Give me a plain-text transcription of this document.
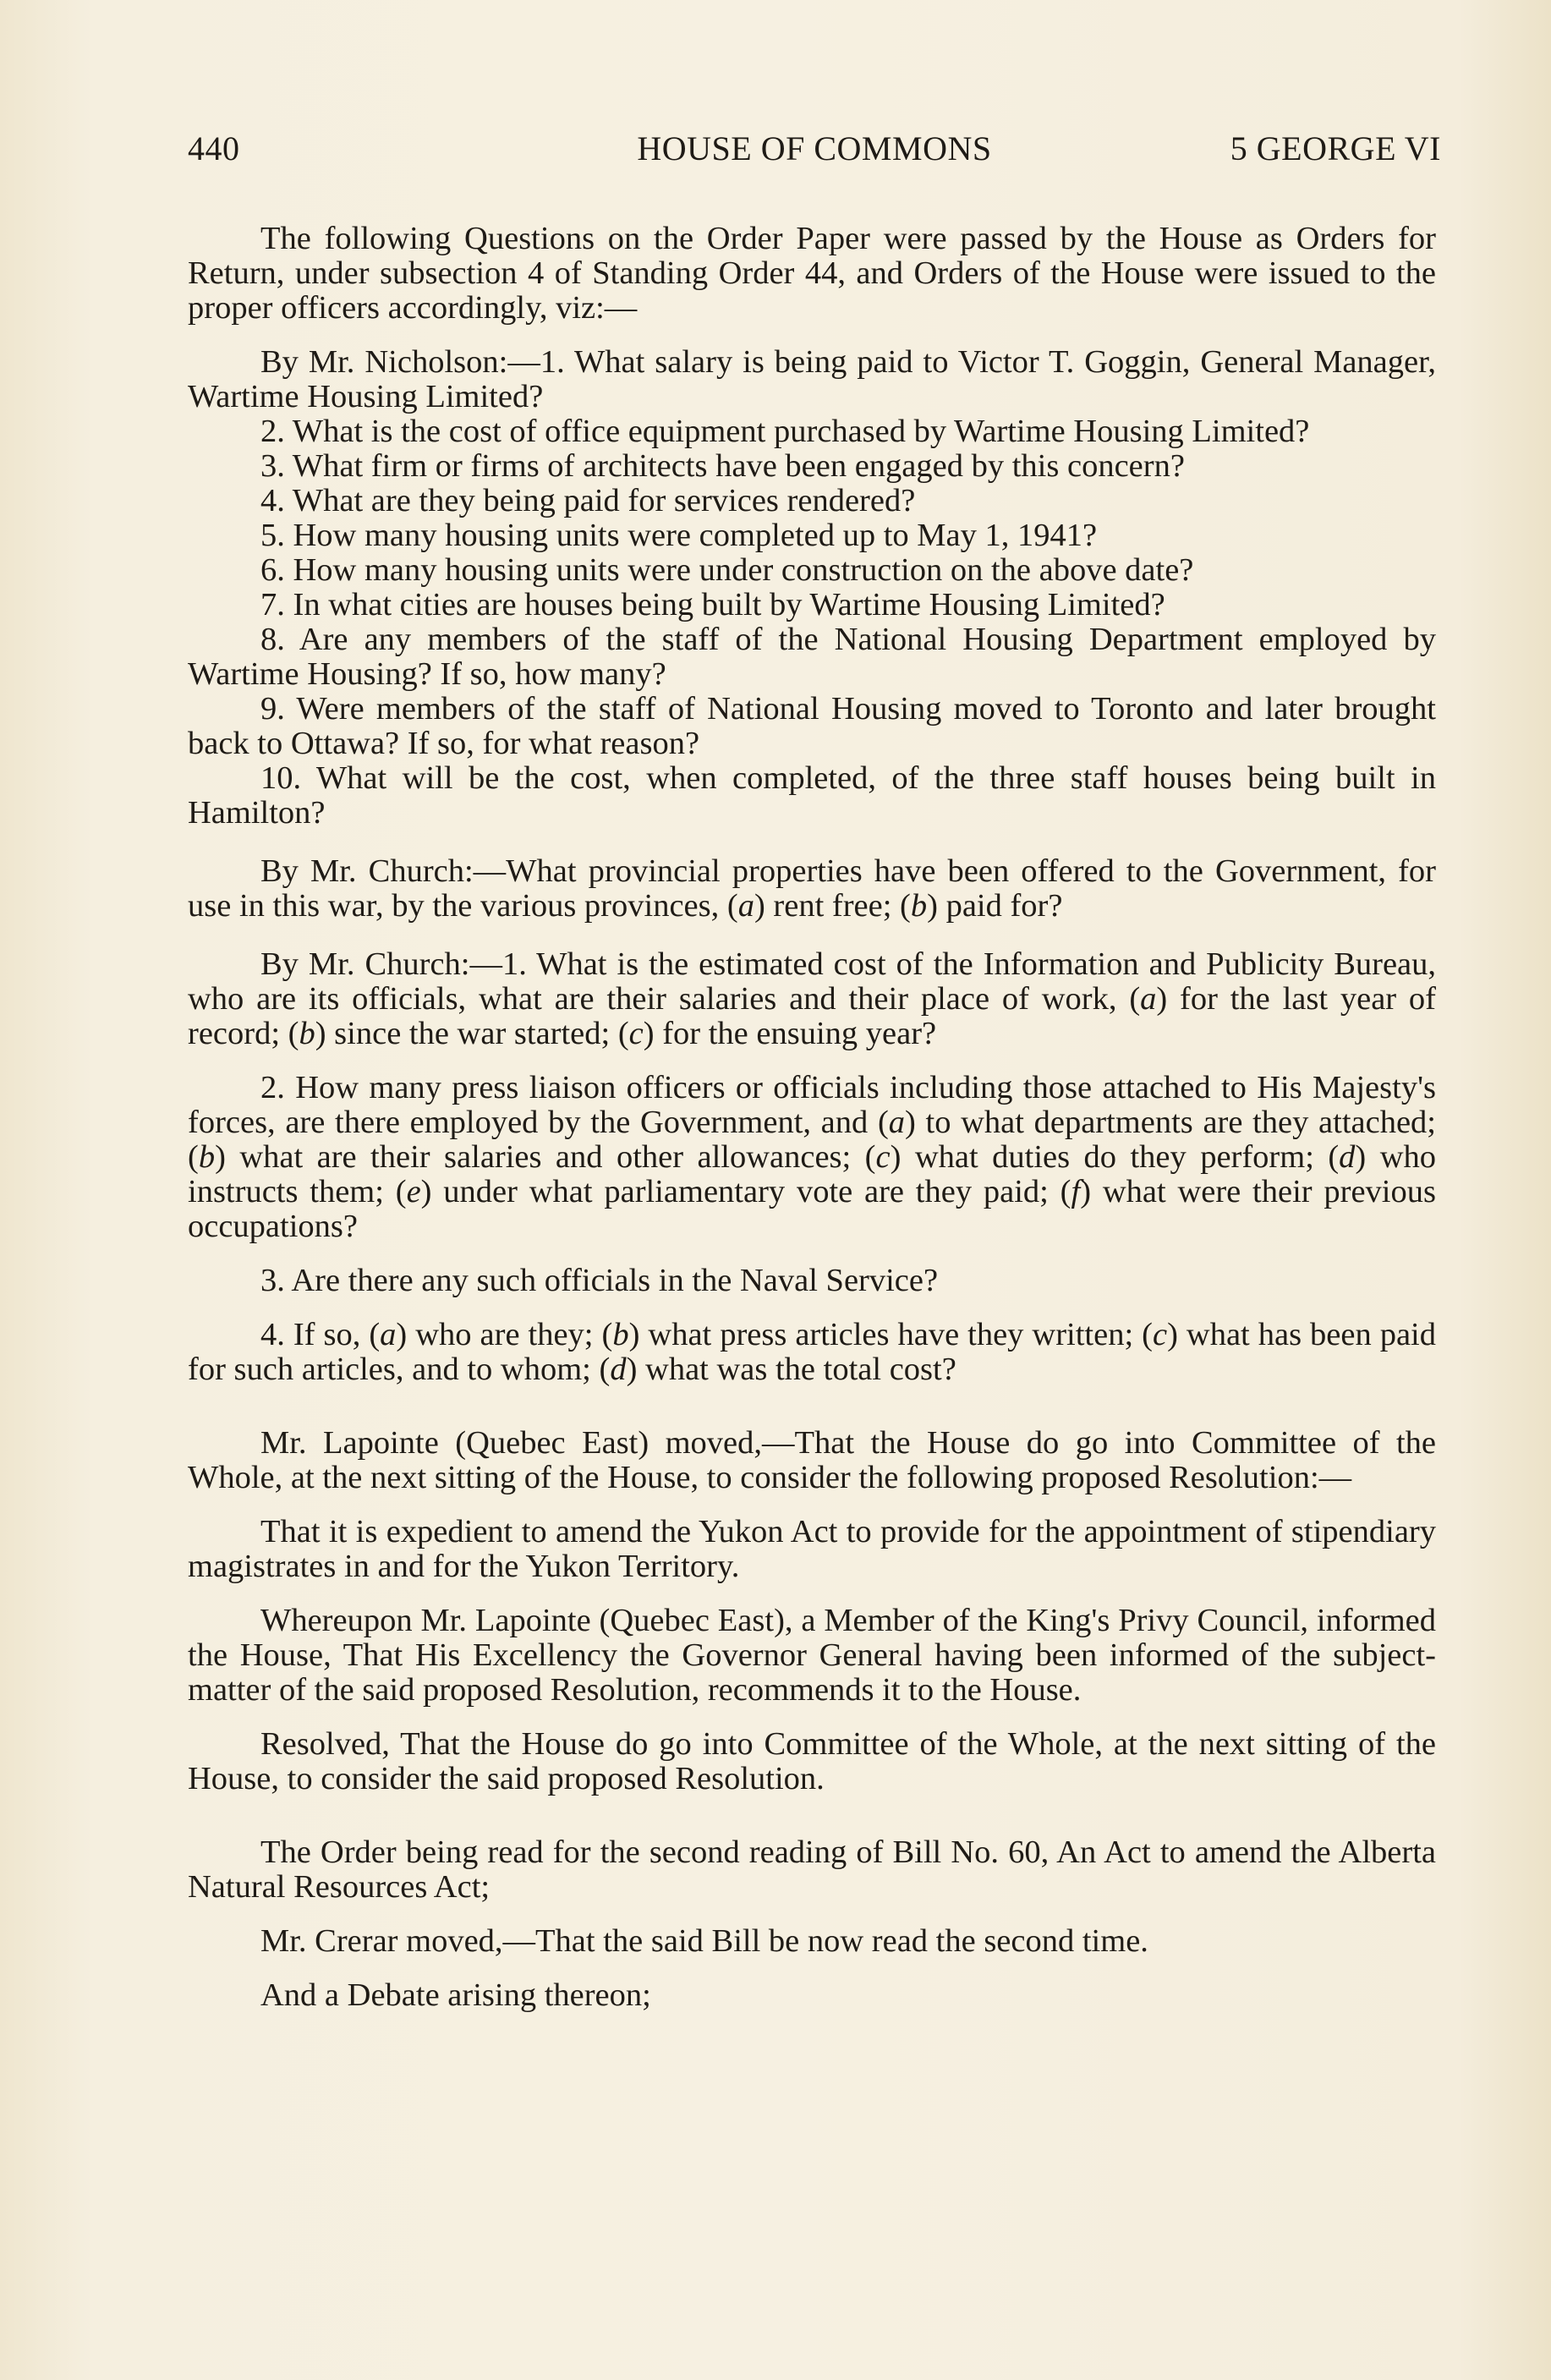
440	HOUSE OF COMMONS	5 GEORGE VI

The following Questions on the Order Paper were passed by the House as Orders for Return, under subsection 4 of Standing Order 44, and Orders of the House were issued to the proper officers accordingly, viz:—

By Mr. Nicholson:—1. What salary is being paid to Victor T. Goggin, General Manager, Wartime Housing Limited?

2. What is the cost of office equipment purchased by Wartime Housing Limited?

3. What firm or firms of architects have been engaged by this concern?

4. What are they being paid for services rendered?

5. How many housing units were completed up to May 1, 1941?

6. How many housing units were under construction on the above date?

7. In what cities are houses being built by Wartime Housing Limited?

8. Are any members of the staff of the National Housing Department employed by Wartime Housing? If so, how many?

9. Were members of the staff of National Housing moved to Toronto and later brought back to Ottawa? If so, for what reason?

10. What will be the cost, when completed, of the three staff houses being built in Hamilton?

By Mr. Church:—What provincial properties have been offered to the Government, for use in this war, by the various provinces, (a) rent free; (b) paid for?

By Mr. Church:—1. What is the estimated cost of the Information and Publicity Bureau, who are its officials, what are their salaries and their place of work, (a) for the last year of record; (b) since the war started; (c) for the ensuing year?

2. How many press liaison officers or officials including those attached to His Majesty's forces, are there employed by the Government, and (a) to what departments are they attached; (b) what are their salaries and other allowances; (c) what duties do they perform; (d) who instructs them; (e) under what parliamentary vote are they paid; (f) what were their previous occupations?

3. Are there any such officials in the Naval Service?

4. If so, (a) who are they; (b) what press articles have they written; (c) what has been paid for such articles, and to whom; (d) what was the total cost?

Mr. Lapointe (Quebec East) moved,—That the House do go into Committee of the Whole, at the next sitting of the House, to consider the following proposed Resolution:—

That it is expedient to amend the Yukon Act to provide for the appointment of stipendiary magistrates in and for the Yukon Territory.

Whereupon Mr. Lapointe (Quebec East), a Member of the King's Privy Council, informed the House, That His Excellency the Governor General having been informed of the subject-matter of the said proposed Resolution, recommends it to the House.

Resolved, That the House do go into Committee of the Whole, at the next sitting of the House, to consider the said proposed Resolution.

The Order being read for the second reading of Bill No. 60, An Act to amend the Alberta Natural Resources Act;

Mr. Crerar moved,—That the said Bill be now read the second time.

And a Debate arising thereon;
